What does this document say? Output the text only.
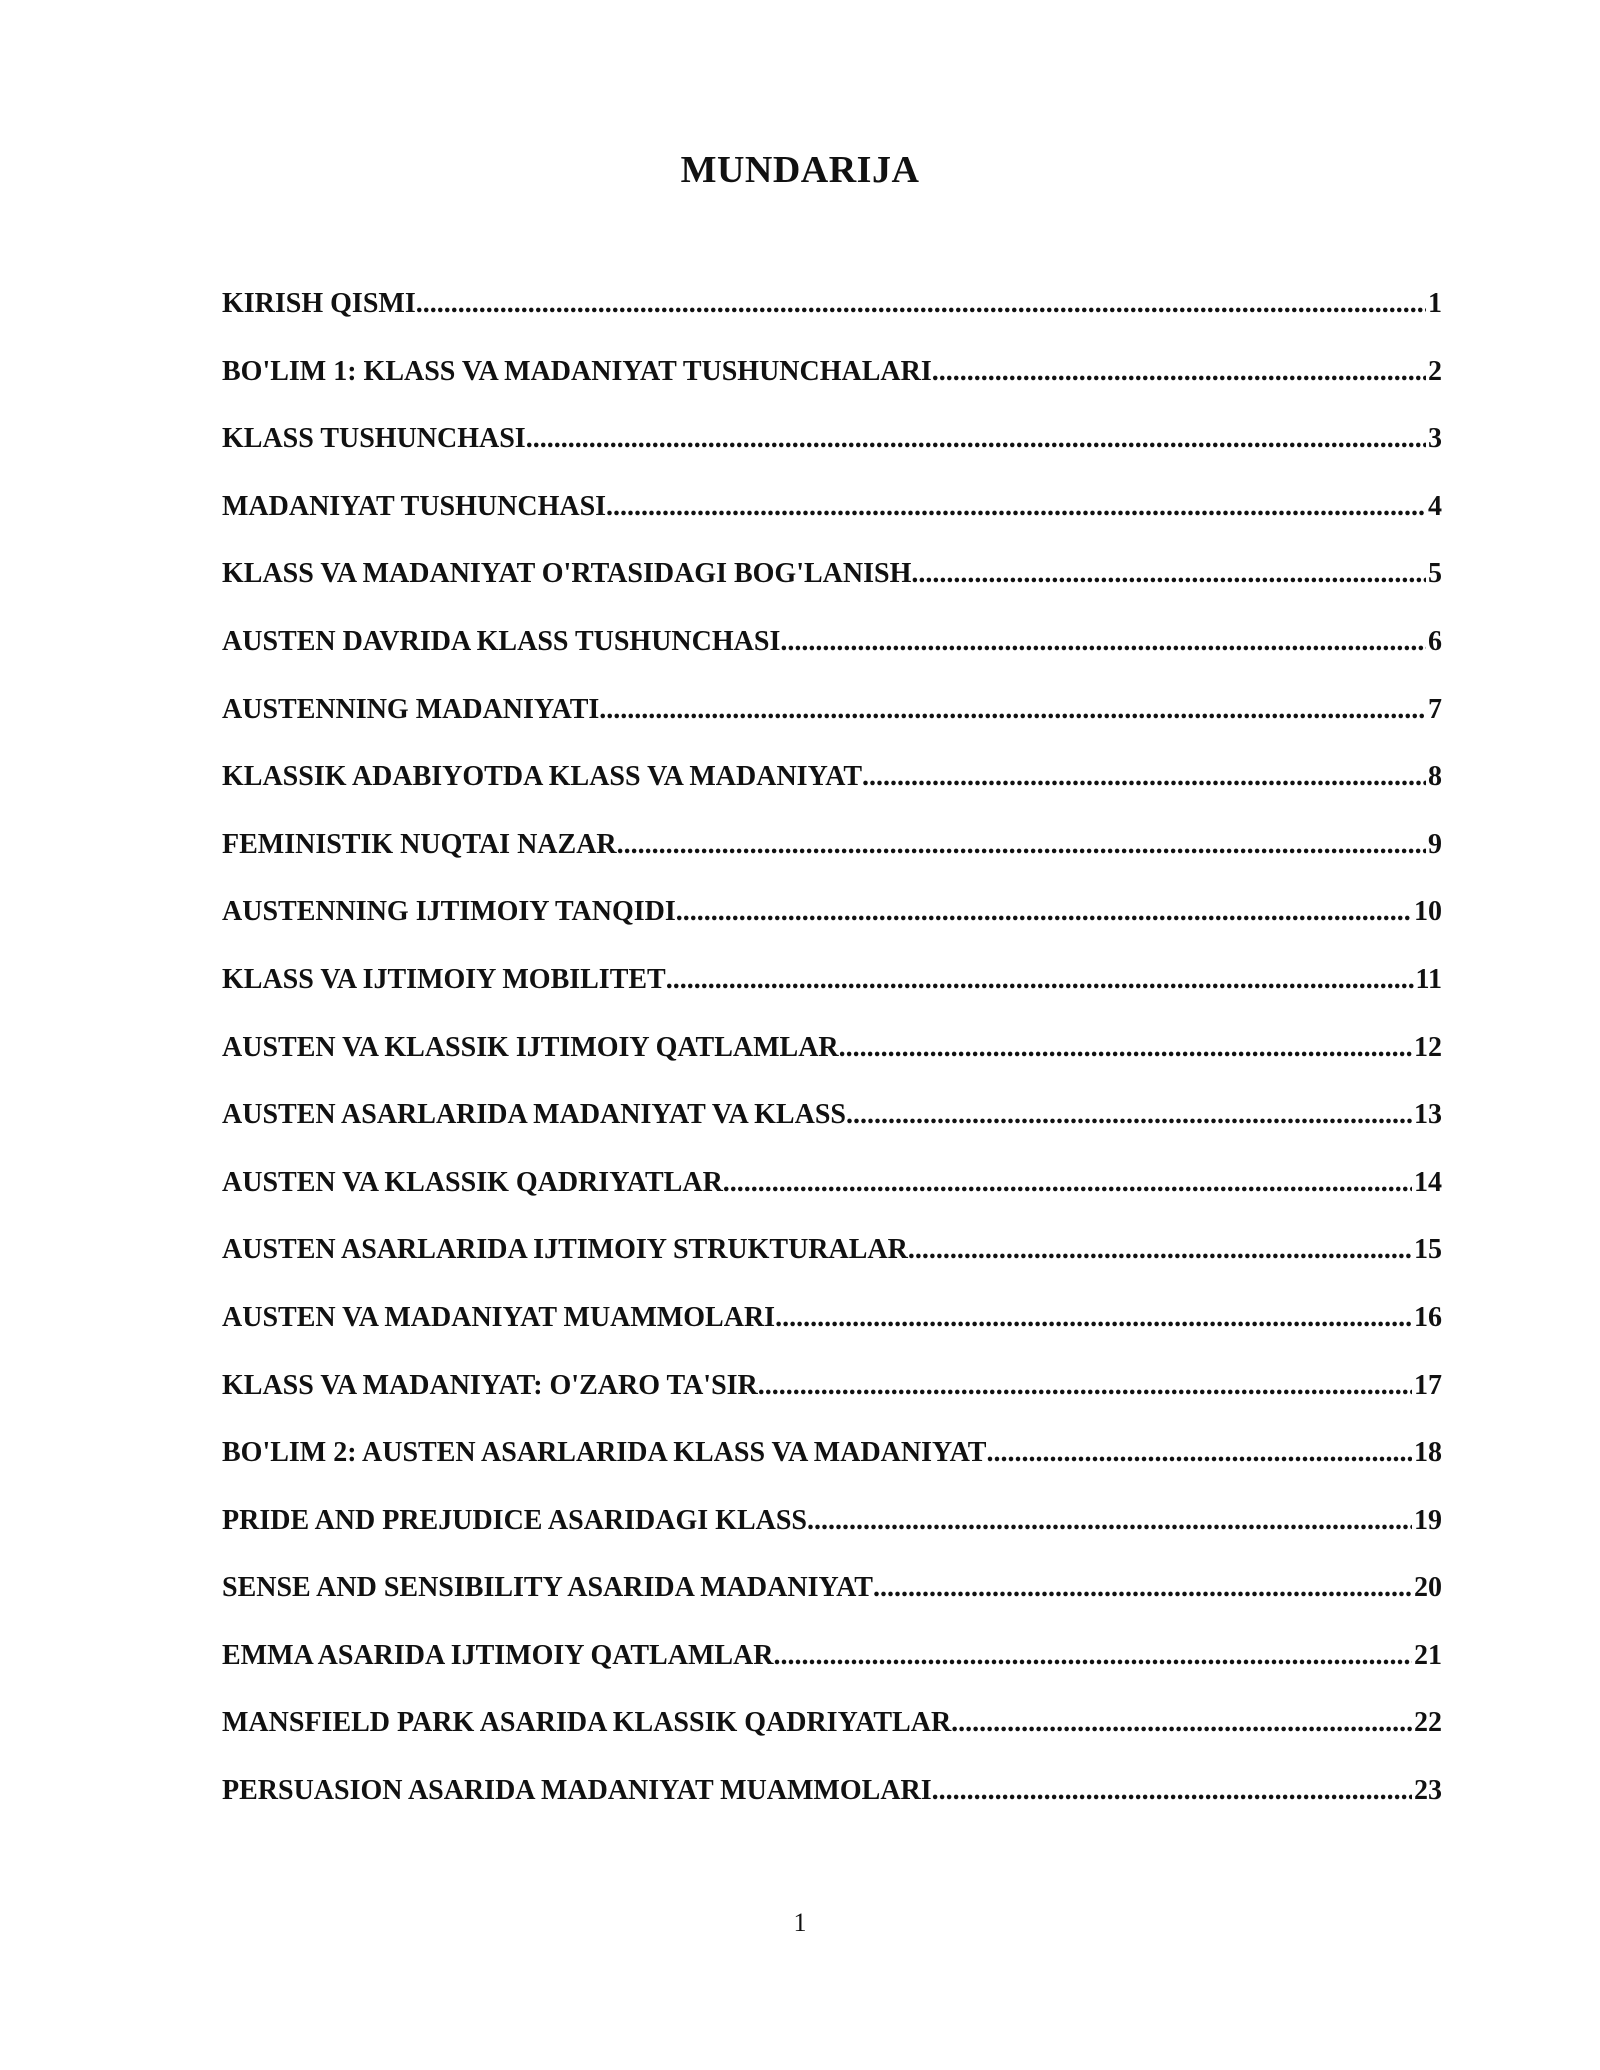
MUNDARIJA
KIRISH QISMI .....	1
BO'LIM 1: KLASS VA MADANIYAT TUSHUNCHALARI .....	2
KLASS TUSHUNCHASI .....	3
MADANIYAT TUSHUNCHASI .....	4
KLASS VA MADANIYAT O'RTASIDAGI BOG'LANISH .....	5
AUSTEN DAVRIDA KLASS TUSHUNCHASI .....	6
AUSTENNING MADANIYATI .....	7
KLASSIK ADABIYOTDA KLASS VA MADANIYAT .....	8
FEMINISTIK NUQTAI NAZAR .....	9
AUSTENNING IJTIMOIY TANQIDI .....	10
KLASS VA IJTIMOIY MOBILITET .....	11
AUSTEN VA KLASSIK IJTIMOIY QATLAMLAR .....	12
AUSTEN ASARLARIDA MADANIYAT VA KLASS .....	13
AUSTEN VA KLASSIK QADRIYATLAR .....	14
AUSTEN ASARLARIDA IJTIMOIY STRUKTURALAR .....	15
AUSTEN VA MADANIYAT MUAMMOLARI .....	16
KLASS VA MADANIYAT: O'ZARO TA'SIR .....	17
BO'LIM 2: AUSTEN ASARLARIDA KLASS VA MADANIYAT .....	18
PRIDE AND PREJUDICE ASARIDAGI KLASS .....	19
SENSE AND SENSIBILITY ASARIDA MADANIYAT .....	20
EMMA ASARIDA IJTIMOIY QATLAMLAR .....	21
MANSFIELD PARK ASARIDA KLASSIK QADRIYATLAR .....	22
PERSUASION ASARIDA MADANIYAT MUAMMOLARI .....	23
1
